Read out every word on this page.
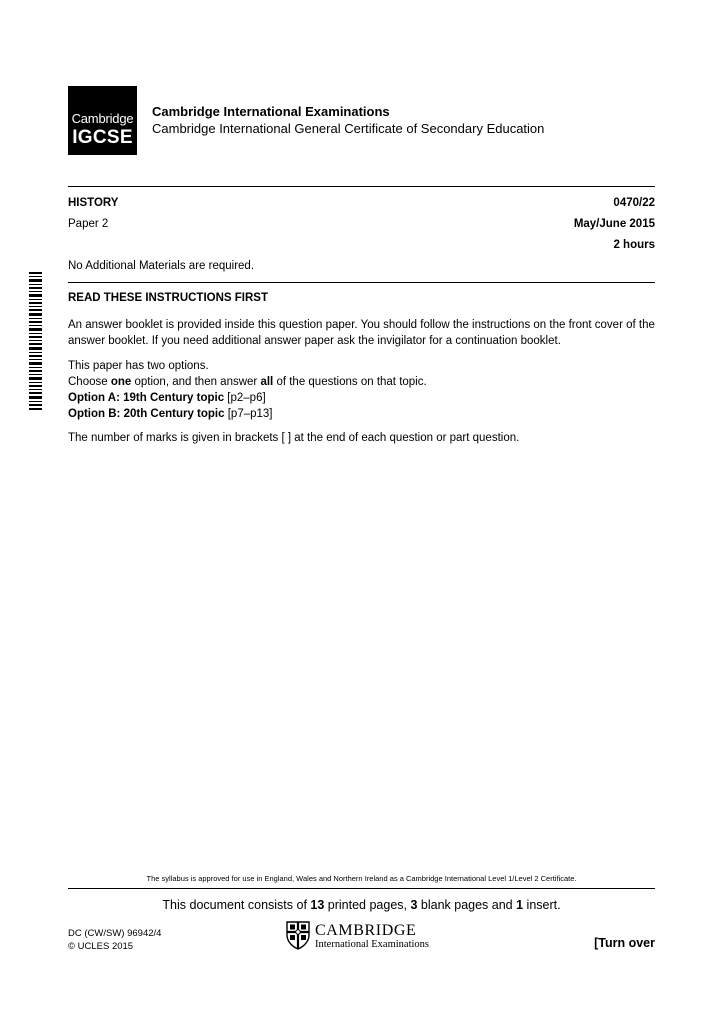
Cambridge
IGCSE
Cambridge International Examinations
Cambridge International General Certificate of Secondary Education
HISTORY	0470/22
Paper 2	May/June 2015
2 hours
No Additional Materials are required.
READ THESE INSTRUCTIONS FIRST
An answer booklet is provided inside this question paper. You should follow the instructions on the front cover of the answer booklet. If you need additional answer paper ask the invigilator for a continuation booklet.
This paper has two options.
Choose one option, and then answer all of the questions on that topic.
Option A: 19th Century topic [p2–p6]
Option B: 20th Century topic [p7–p13]
The number of marks is given in brackets [ ] at the end of each question or part question.
The syllabus is approved for use in England, Wales and Northern Ireland as a Cambridge International Level 1/Level 2 Certificate.
This document consists of 13 printed pages, 3 blank pages and 1 insert.
DC (CW/SW) 96942/4
© UCLES 2015
CAMBRIDGE
International Examinations	[Turn over
